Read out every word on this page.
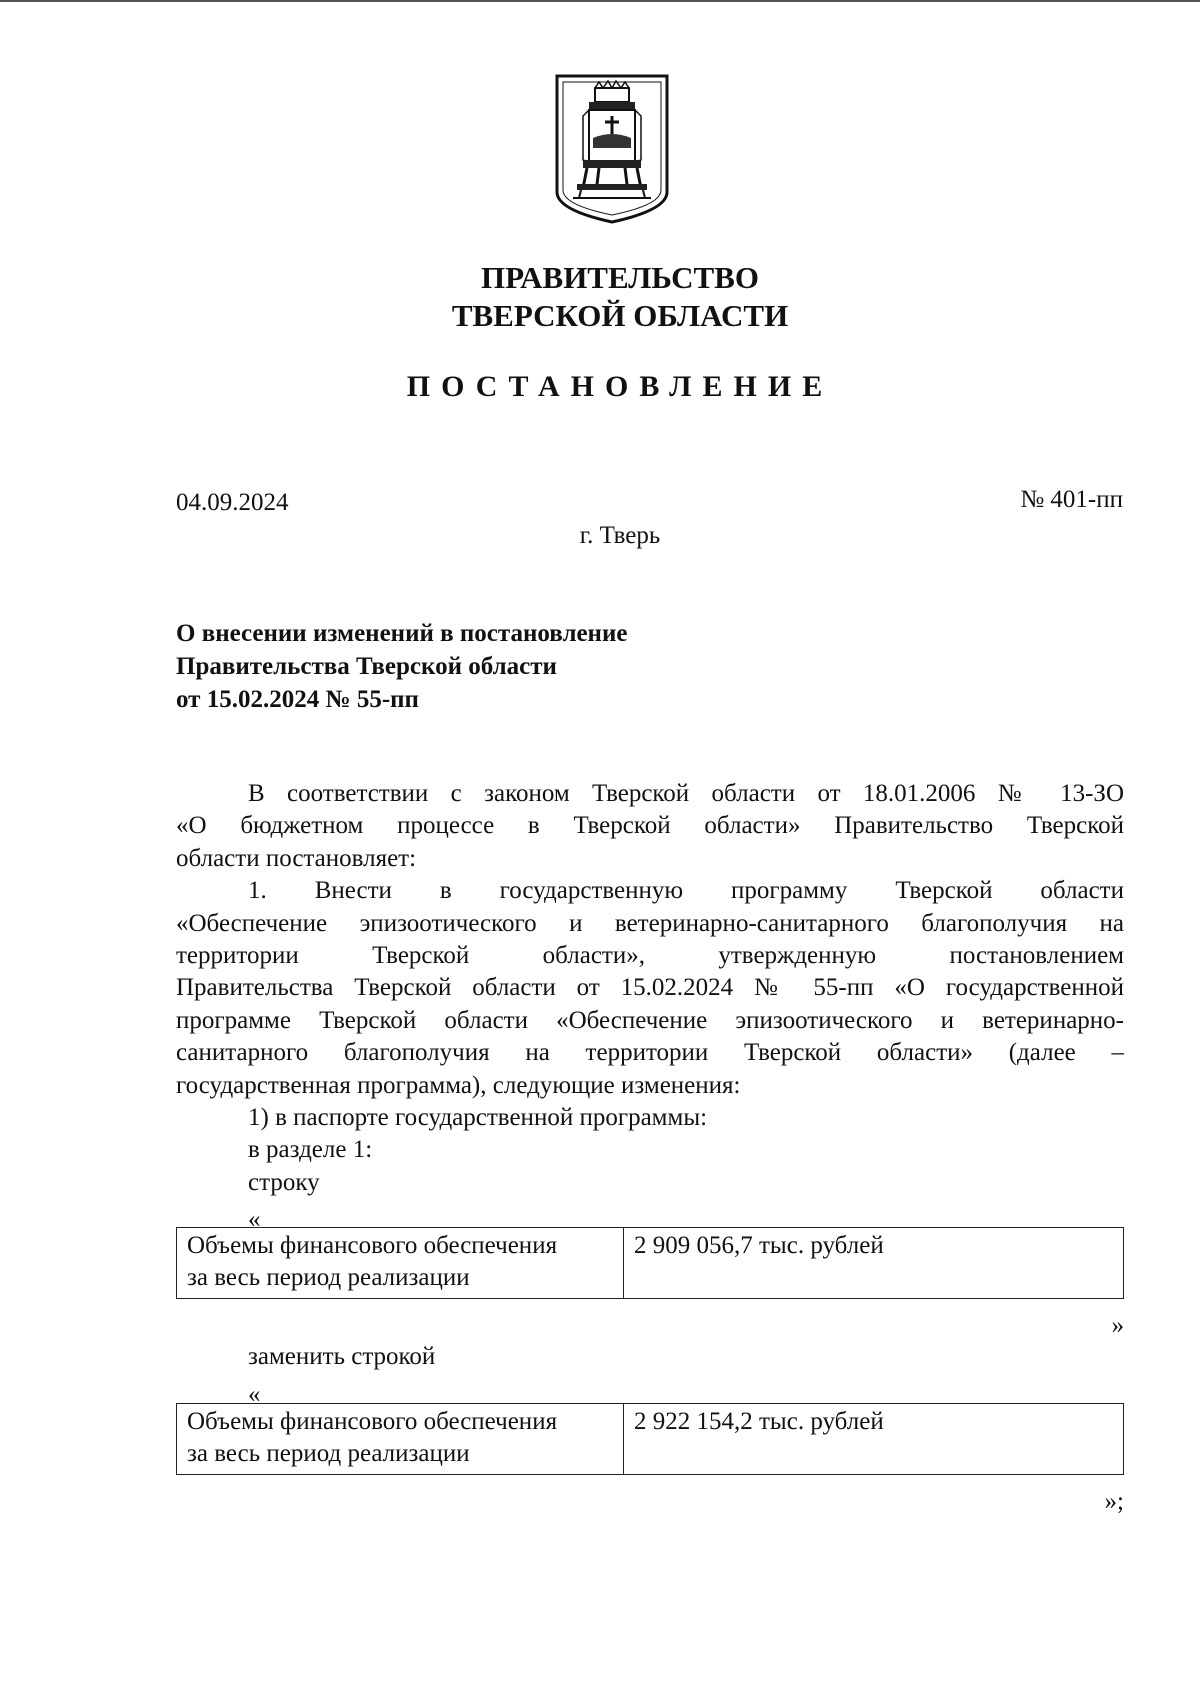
ПРАВИТЕЛЬСТВО
ТВЕРСКОЙ ОБЛАСТИ
ПОСТАНОВЛЕНИЕ
04.09.2024	№ 401-пп
г. Тверь
О внесении изменений в постановление
Правительства Тверской области
от 15.02.2024 № 55-пп
В соответствии с законом Тверской области от 18.01.2006 № 13-ЗО
«О бюджетном процессе в Тверской области» Правительство Тверской
области постановляет:
1. Внести в государственную программу Тверской области
«Обеспечение эпизоотического и ветеринарно-санитарного благополучия на
территории Тверской области», утвержденную постановлением
Правительства Тверской области от 15.02.2024 № 55-пп «О государственной
программе Тверской области «Обеспечение эпизоотического и ветеринарно-
санитарного благополучия на территории Тверской области» (далее –
государственная программа), следующие изменения:
1) в паспорте государственной программы:
в разделе 1:
строку
«
Объемы финансового обеспечения
за весь период реализации
	2 909 056,7 тыс. рублей
»
заменить строкой
«
Объемы финансового обеспечения
за весь период реализации
	2 922 154,2 тыс. рублей
»;
